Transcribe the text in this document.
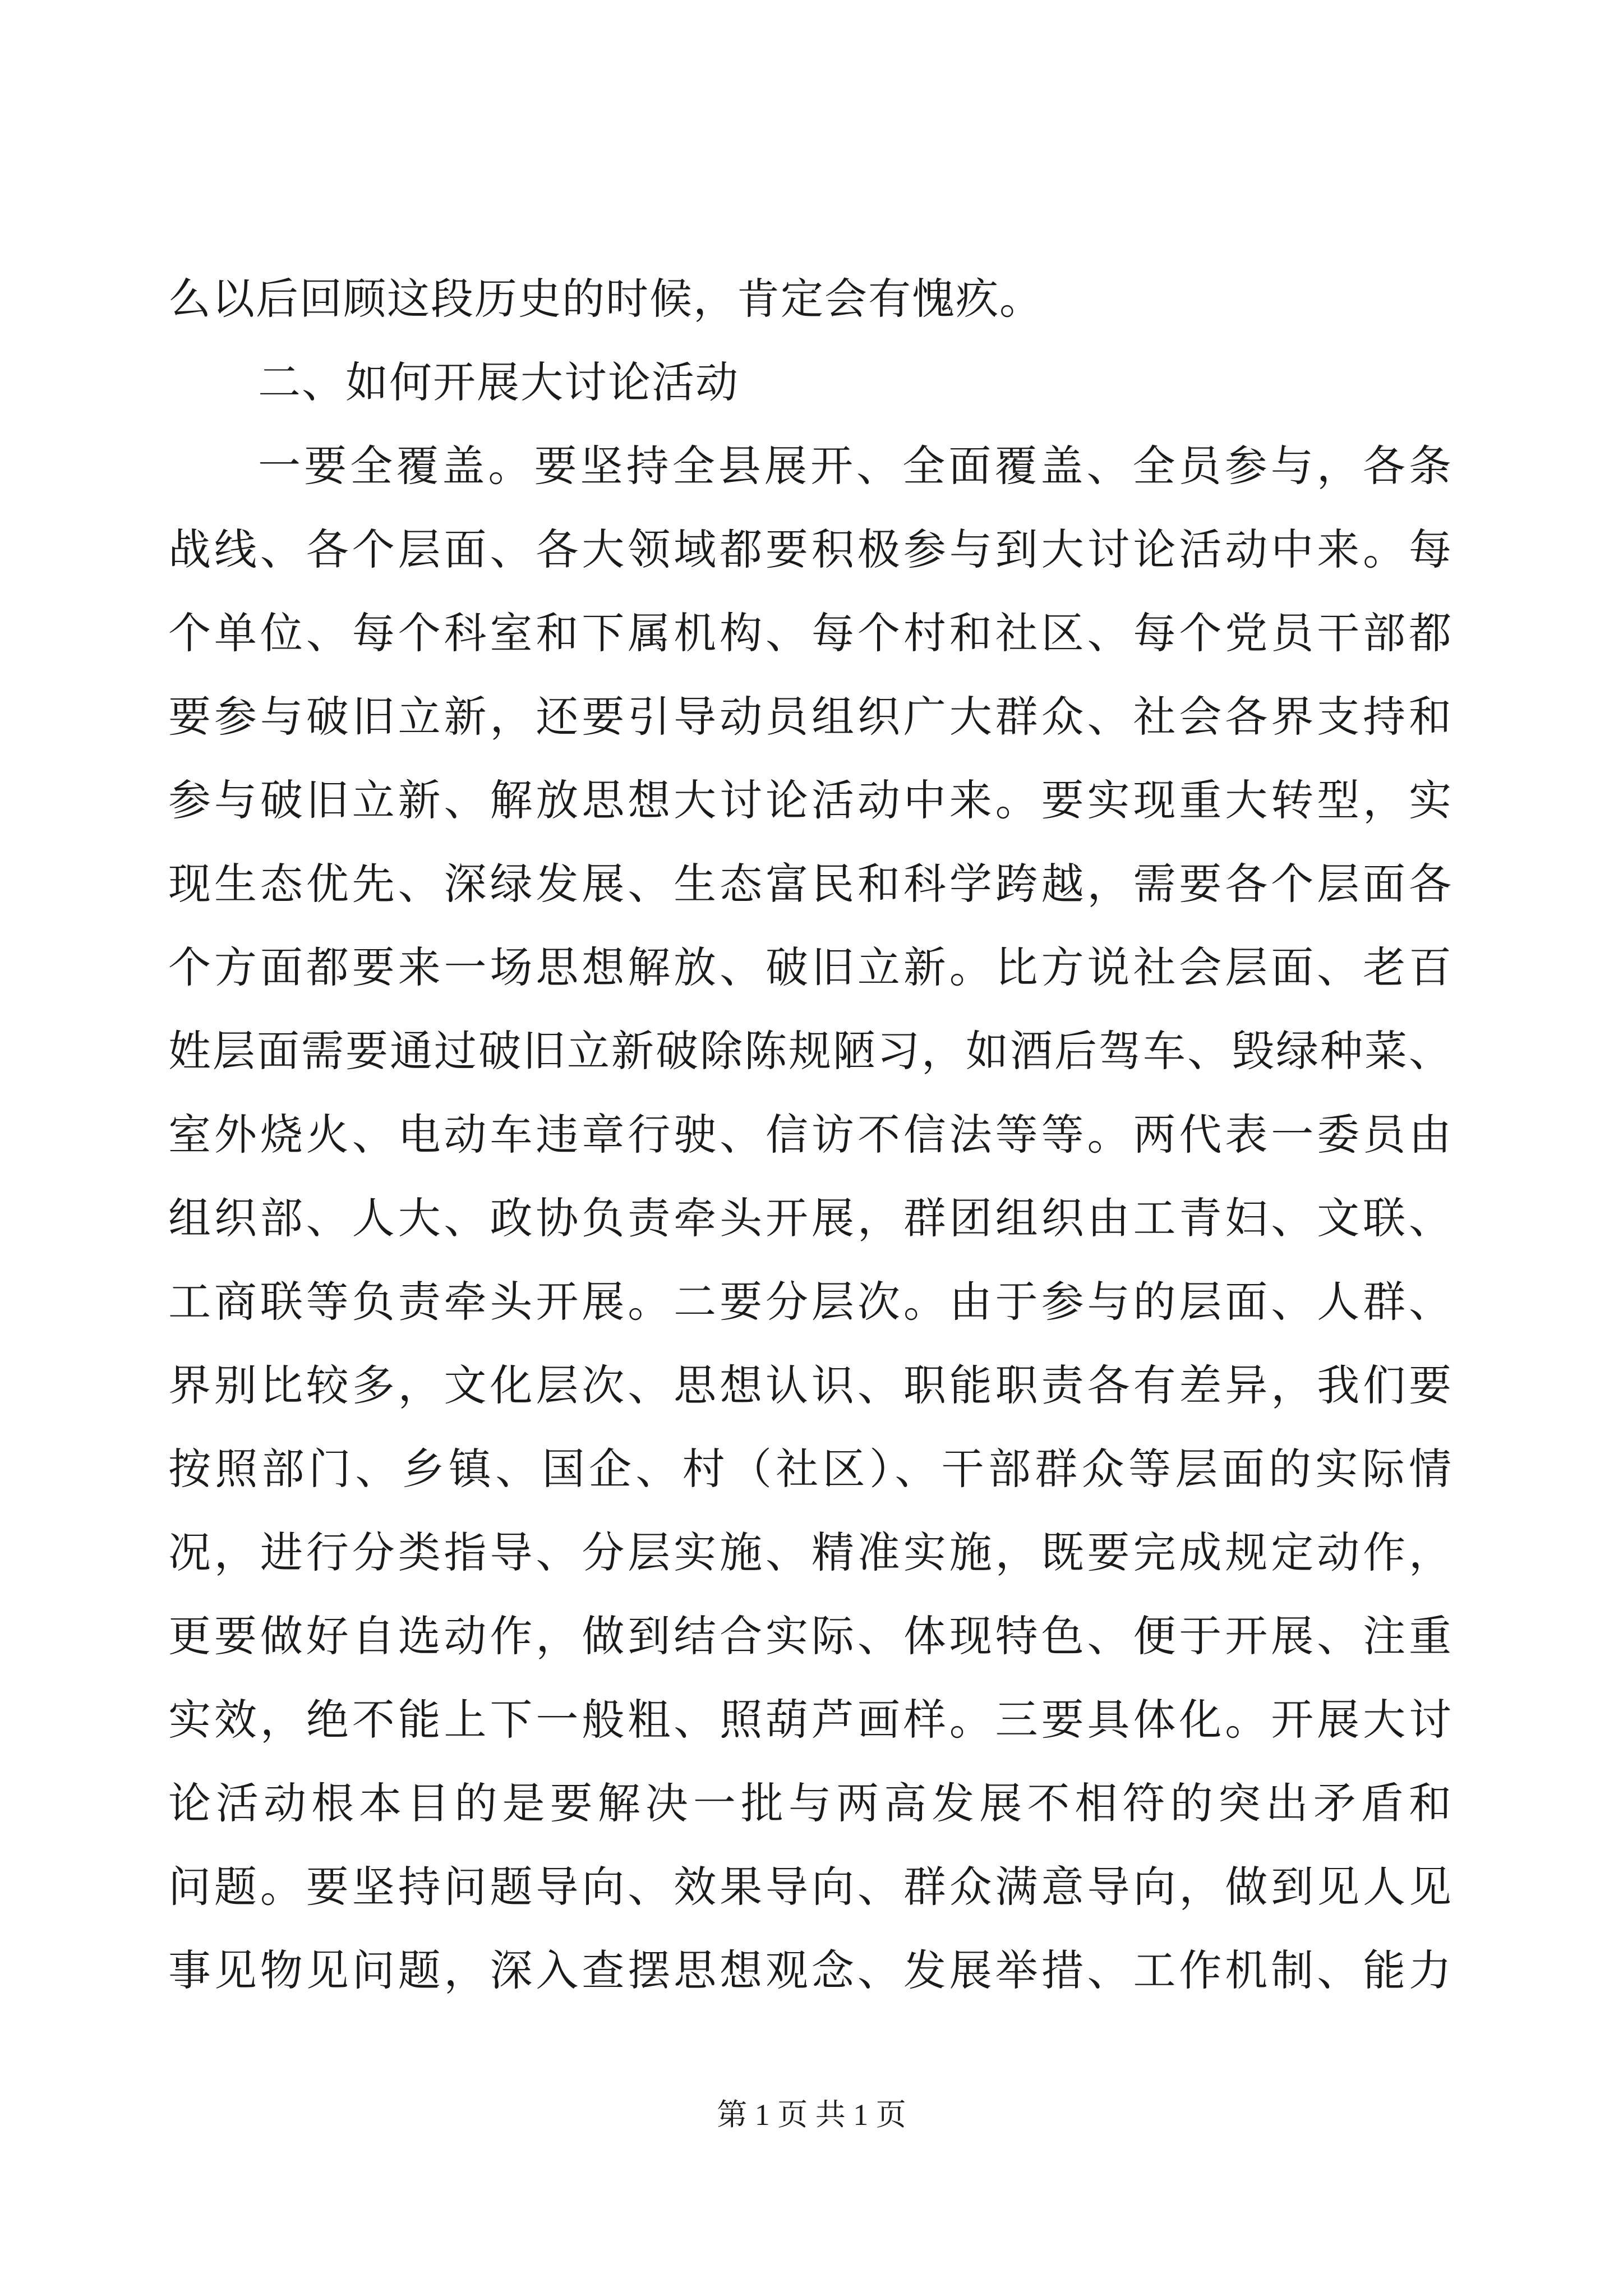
么以后回顾这段历史的时候，肯定会有愧疚。
二、如何开展大讨论活动
一要全覆盖。要坚持全县展开、全面覆盖、全员参与，各条
战线、各个层面、各大领域都要积极参与到大讨论活动中来。每
个单位、每个科室和下属机构、每个村和社区、每个党员干部都
要参与破旧立新，还要引导动员组织广大群众、社会各界支持和
参与破旧立新、解放思想大讨论活动中来。要实现重大转型，实
现生态优先、深绿发展、生态富民和科学跨越，需要各个层面各
个方面都要来一场思想解放、破旧立新。比方说社会层面、老百
姓层面需要通过破旧立新破除陈规陋习，如酒后驾车、毁绿种菜、
室外烧火、电动车违章行驶、信访不信法等等。两代表一委员由
组织部、人大、政协负责牵头开展，群团组织由工青妇、文联、
工商联等负责牵头开展。二要分层次。由于参与的层面、人群、
界别比较多，文化层次、思想认识、职能职责各有差异，我们要
按照部门、乡镇、国企、村（社区）、干部群众等层面的实际情
况，进行分类指导、分层实施、精准实施，既要完成规定动作，
更要做好自选动作，做到结合实际、体现特色、便于开展、注重
实效，绝不能上下一般粗、照葫芦画样。三要具体化。开展大讨
论活动根本目的是要解决一批与两高发展不相符的突出矛盾和
问题。要坚持问题导向、效果导向、群众满意导向，做到见人见
事见物见问题，深入查摆思想观念、发展举措、工作机制、能力
第 1 页 共 1 页
